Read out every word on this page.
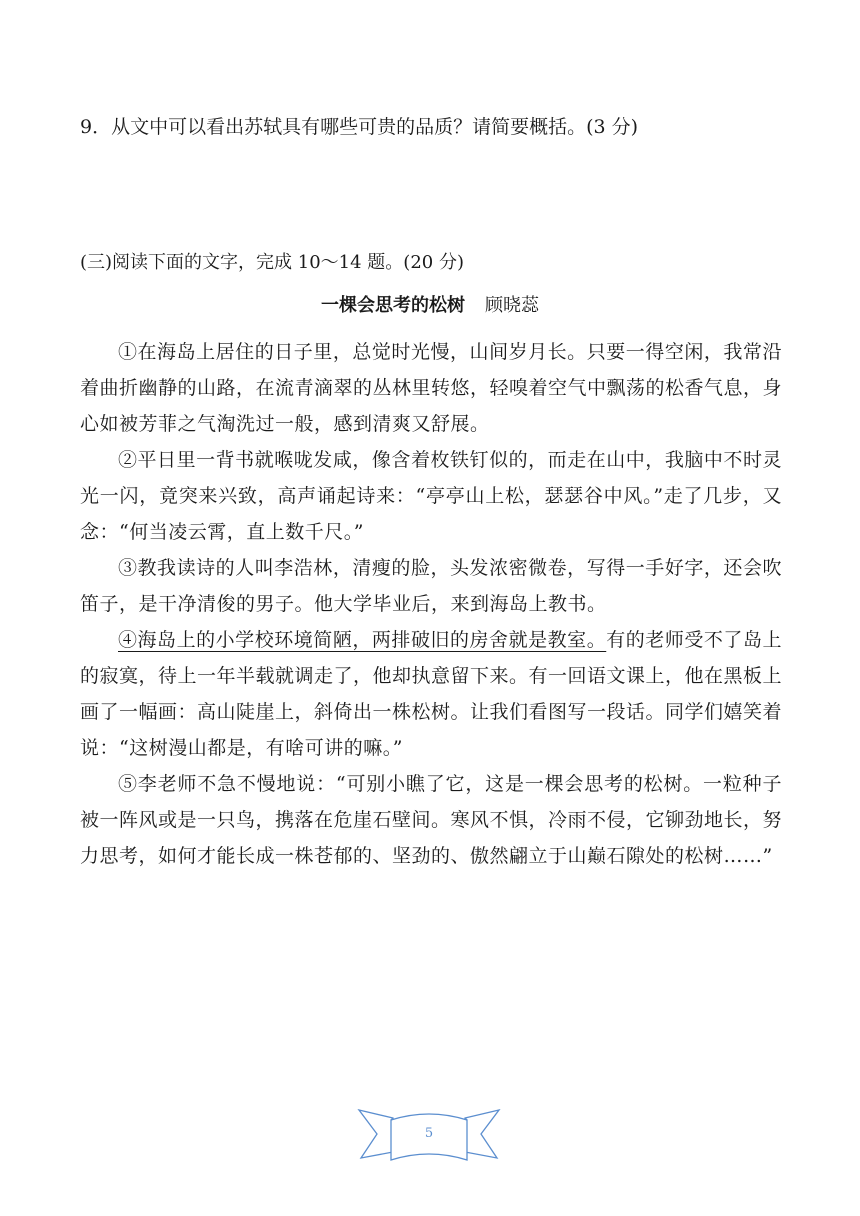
9．从文中可以看出苏轼具有哪些可贵的品质？请简要概括。(3 分)
(三)阅读下面的文字，完成 10～14 题。(20 分)
一棵会思考的松树 顾晓蕊

①在海岛上居住的日子里，总觉时光慢，山间岁月长。只要一得空闲，我常沿着曲折幽静的山路，在流青滴翠的丛林里转悠，轻嗅着空气中飘荡的松香气息，身心如被芳菲之气淘洗过一般，感到清爽又舒展。

②平日里一背书就喉咙发咸，像含着枚铁钉似的，而走在山中，我脑中不时灵光一闪，竟突来兴致，高声诵起诗来：“亭亭山上松，瑟瑟谷中风。”走了几步，又念：“何当凌云霄，直上数千尺。”

③教我读诗的人叫李浩林，清瘦的脸，头发浓密微卷，写得一手好字，还会吹笛子，是干净清俊的男子。他大学毕业后，来到海岛上教书。

④海岛上的小学校环境简陋，两排破旧的房舍就是教室。有的老师受不了岛上的寂寞，待上一年半载就调走了，他却执意留下来。有一回语文课上，他在黑板上画了一幅画：高山陡崖上，斜倚出一株松树。让我们看图写一段话。同学们嬉笑着说：“这树漫山都是，有啥可讲的嘛。”

⑤李老师不急不慢地说：“可别小瞧了它，这是一棵会思考的松树。一粒种子被一阵风或是一只鸟，携落在危崖石壁间。寒风不惧，冷雨不侵，它铆劲地长，努力思考，如何才能长成一株苍郁的、坚劲的、傲然翩立于山巅石隙处的松树……”

5
